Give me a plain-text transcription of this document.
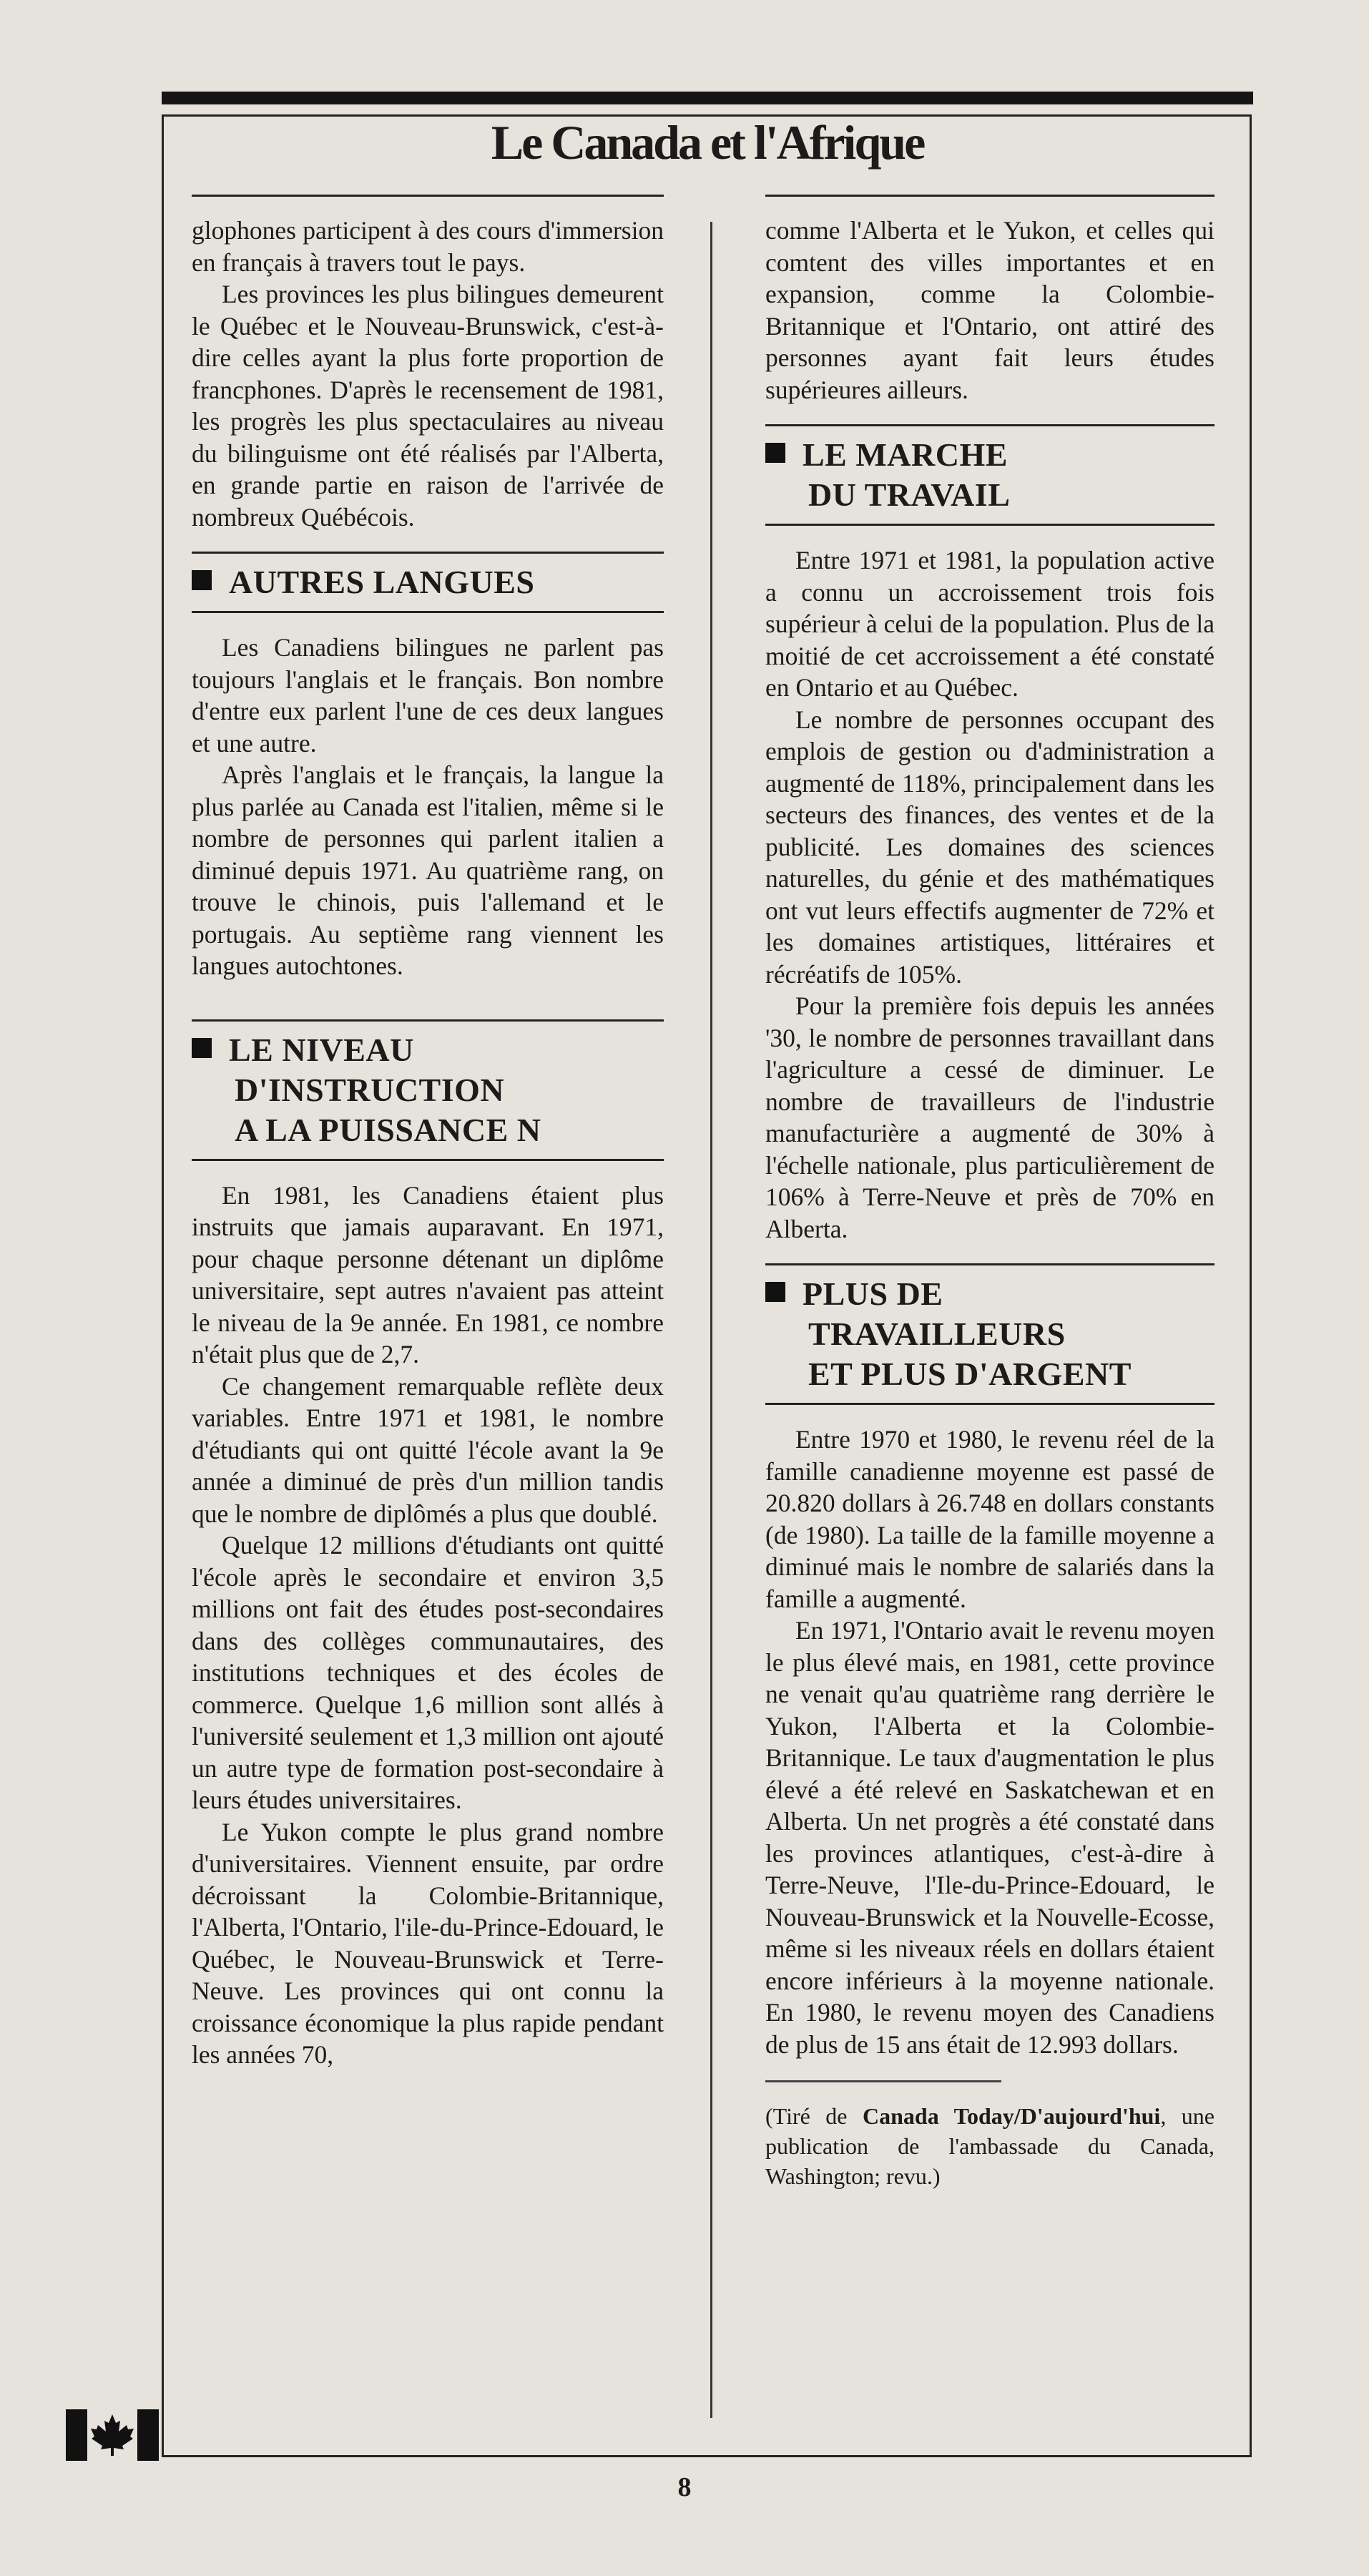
Le Canada et l'Afrique

glophones participent à des cours d'immersion en français à travers tout le pays.

Les provinces les plus bilingues demeurent le Québec et le Nouveau-Brunswick, c'est-à-dire celles ayant la plus forte proportion de francphones. D'après le recensement de 1981, les progrès les plus spectaculaires au niveau du bilinguisme ont été réalisés par l'Alberta, en grande partie en raison de l'arrivée de nombreux Québécois.

AUTRES LANGUES

Les Canadiens bilingues ne parlent pas toujours l'anglais et le français. Bon nombre d'entre eux parlent l'une de ces deux langues et une autre.

Après l'anglais et le français, la langue la plus parlée au Canada est l'italien, même si le nombre de personnes qui parlent italien a diminué depuis 1971. Au quatrième rang, on trouve le chinois, puis l'allemand et le portugais. Au septième rang viennent les langues autochtones.

LE NIVEAU
D'INSTRUCTION
A LA PUISSANCE N

En 1981, les Canadiens étaient plus instruits que jamais auparavant. En 1971, pour chaque personne détenant un diplôme universitaire, sept autres n'avaient pas atteint le niveau de la 9e année. En 1981, ce nombre n'était plus que de 2,7.

Ce changement remarquable reflète deux variables. Entre 1971 et 1981, le nombre d'étudiants qui ont quitté l'école avant la 9e année a diminué de près d'un million tandis que le nombre de diplômés a plus que doublé.

Quelque 12 millions d'étudiants ont quitté l'école après le secondaire et environ 3,5 millions ont fait des études post-secondaires dans des collèges communautaires, des institutions techniques et des écoles de commerce. Quelque 1,6 million sont allés à l'université seulement et 1,3 million ont ajouté un autre type de formation post-secondaire à leurs études universitaires.

Le Yukon compte le plus grand nombre d'universitaires. Viennent ensuite, par ordre décroissant la Colombie-Britannique, l'Alberta, l'Ontario, l'ile-du-Prince-Edouard, le Québec, le Nouveau-Brunswick et Terre-Neuve. Les provinces qui ont connu la croissance économique la plus rapide pendant les années 70,

comme l'Alberta et le Yukon, et celles qui comtent des villes importantes et en expansion, comme la Colombie-Britannique et l'Ontario, ont attiré des personnes ayant fait leurs études supérieures ailleurs.

LE MARCHE
DU TRAVAIL

Entre 1971 et 1981, la population active a connu un accroissement trois fois supérieur à celui de la population. Plus de la moitié de cet accroissement a été constaté en Ontario et au Québec.

Le nombre de personnes occupant des emplois de gestion ou d'administration a augmenté de 118%, principalement dans les secteurs des finances, des ventes et de la publicité. Les domaines des sciences naturelles, du génie et des mathématiques ont vut leurs effectifs augmenter de 72% et les domaines artistiques, littéraires et récréatifs de 105%.

Pour la première fois depuis les années '30, le nombre de personnes travaillant dans l'agriculture a cessé de diminuer. Le nombre de travailleurs de l'industrie manufacturière a augmenté de 30% à l'échelle nationale, plus particulièrement de 106% à Terre-Neuve et près de 70% en Alberta.

PLUS DE
TRAVAILLEURS
ET PLUS D'ARGENT

Entre 1970 et 1980, le revenu réel de la famille canadienne moyenne est passé de 20.820 dollars à 26.748 en dollars constants (de 1980). La taille de la famille moyenne a diminué mais le nombre de salariés dans la famille a augmenté.

En 1971, l'Ontario avait le revenu moyen le plus élevé mais, en 1981, cette province ne venait qu'au quatrième rang derrière le Yukon, l'Alberta et la Colombie-Britannique. Le taux d'augmentation le plus élevé a été relevé en Saskatchewan et en Alberta. Un net progrès a été constaté dans les provinces atlantiques, c'est-à-dire à Terre-Neuve, l'Ile-du-Prince-Edouard, le Nouveau-Brunswick et la Nouvelle-Ecosse, même si les niveaux réels en dollars étaient encore inférieurs à la moyenne nationale. En 1980, le revenu moyen des Canadiens de plus de 15 ans était de 12.993 dollars.

(Tiré de Canada Today/D'aujourd'hui, une publication de l'ambassade du Canada, Washington; revu.)
8
